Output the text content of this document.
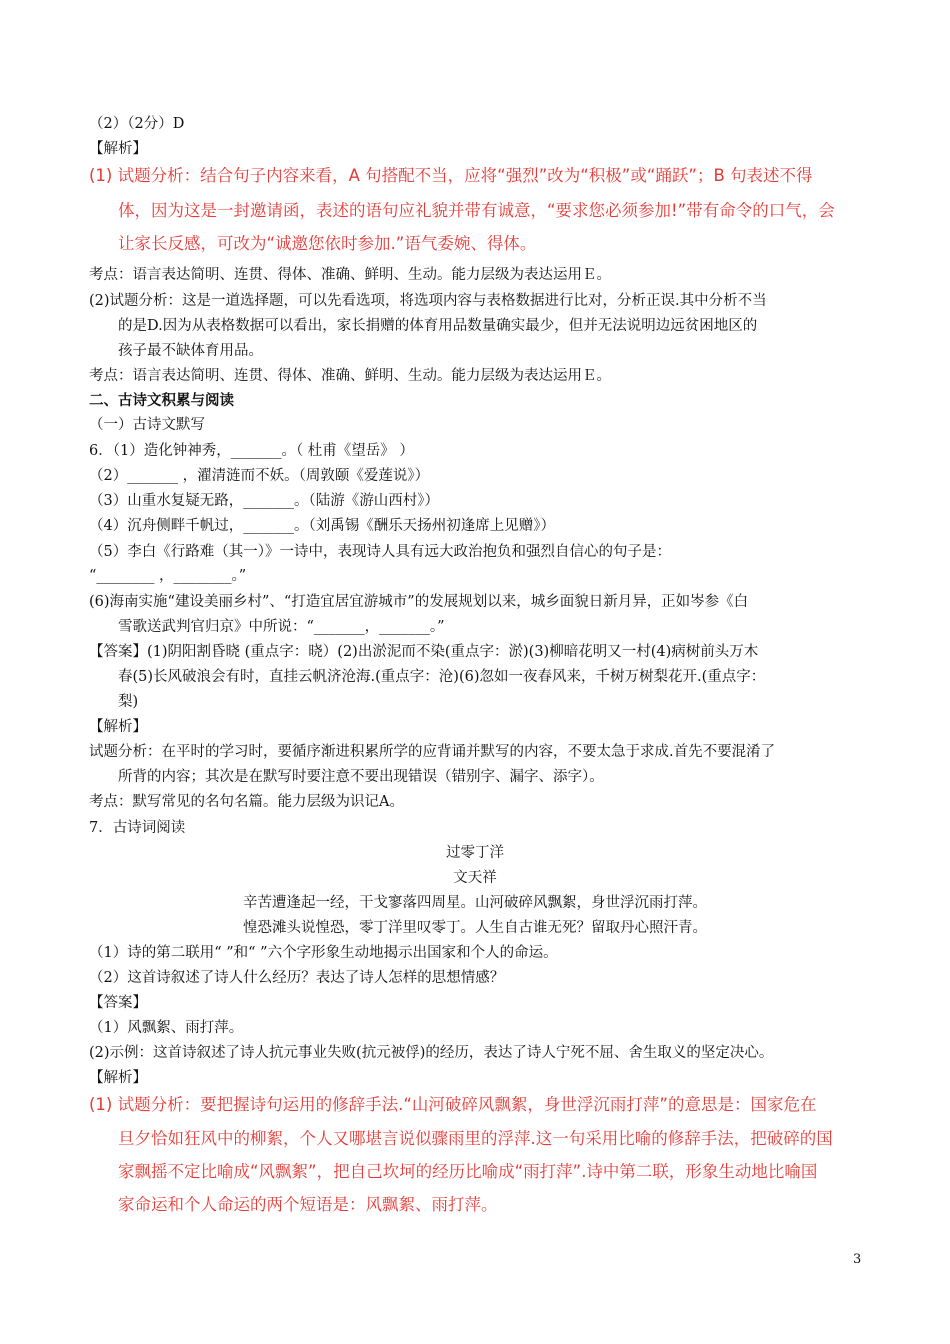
（2）（2分）D
【解析】
(1) 试题分析：结合句子内容来看，A 句搭配不当，应将“强烈”改为“积极”或“踊跃”；B 句表述不得
体，因为这是一封邀请函，表述的语句应礼貌并带有诚意，“要求您必须参加!”带有命令的口气，会
让家长反感，可改为“诚邀您依时参加.”语气委婉、得体。
考点：语言表达简明、连贯、得体、准确、鲜明、生动。能力层级为表达运用Ｅ。
(2)试题分析：这是一道选择题，可以先看选项，将选项内容与表格数据进行比对，分析正误.其中分析不当
的是D.因为从表格数据可以看出，家长捐赠的体育用品数量确实最少，但并无法说明边远贫困地区的
孩子最不缺体育用品。
考点：语言表达简明、连贯、得体、准确、鲜明、生动。能力层级为表达运用Ｅ。
二、古诗文积累与阅读
（一）古诗文默写
6．（1）造化钟神秀，_______。（ 杜甫《望岳》 ）
（2）_______ ，濯清涟而不妖。（周敦颐《爱莲说》）
（3）山重水复疑无路，_______。（陆游《游山西村》）
（4）沉舟侧畔千帆过，_______。（刘禹锡《酬乐天扬州初逢席上见赠》）
（5）李白《行路难（其一）》一诗中，表现诗人具有远大政治抱负和强烈自信心的句子是：
“________ ，________。”
(6)海南实施“建设美丽乡村”、“打造宜居宜游城市”的发展规划以来，城乡面貌日新月异，正如岑参《白
雪歌送武判官归京》中所说：“_______，_______。”
【答案】(1)阴阳割昏晓 (重点字：晓）(2)出淤泥而不染(重点字：淤)(3)柳暗花明又一村(4)病树前头万木
春(5)长风破浪会有时，直挂云帆济沧海.(重点字：沧)(6)忽如一夜春风来，千树万树梨花开.(重点字：
梨)
【解析】
试题分析：在平时的学习时，要循序渐进积累所学的应背诵并默写的内容，不要太急于求成.首先不要混淆了
所背的内容；其次是在默写时要注意不要出现错误（错别字、漏字、添字）。
考点：默写常见的名句名篇。能力层级为识记A。
7．古诗词阅读
过零丁洋
文天祥
辛苦遭逢起一经，干戈寥落四周星。山河破碎风飘絮，身世浮沉雨打萍。
惶恐滩头说惶恐，零丁洋里叹零丁。人生自古谁无死？留取丹心照汗青。
（1）诗的第二联用“ ”和“ ”六个字形象生动地揭示出国家和个人的命运。
（2）这首诗叙述了诗人什么经历？表达了诗人怎样的思想情感？
【答案】
（1）风飘絮、雨打萍。
(2)示例：这首诗叙述了诗人抗元事业失败(抗元被俘)的经历，表达了诗人宁死不屈、舍生取义的坚定决心。
【解析】
(1) 试题分析：要把握诗句运用的修辞手法.“山河破碎风飘絮，身世浮沉雨打萍”的意思是：国家危在
旦夕恰如狂风中的柳絮，个人又哪堪言说似骤雨里的浮萍.这一句采用比喻的修辞手法，把破碎的国
家飘摇不定比喻成“风飘絮”，把自己坎坷的经历比喻成“雨打萍”.诗中第二联，形象生动地比喻国
家命运和个人命运的两个短语是：风飘絮、雨打萍。
3
